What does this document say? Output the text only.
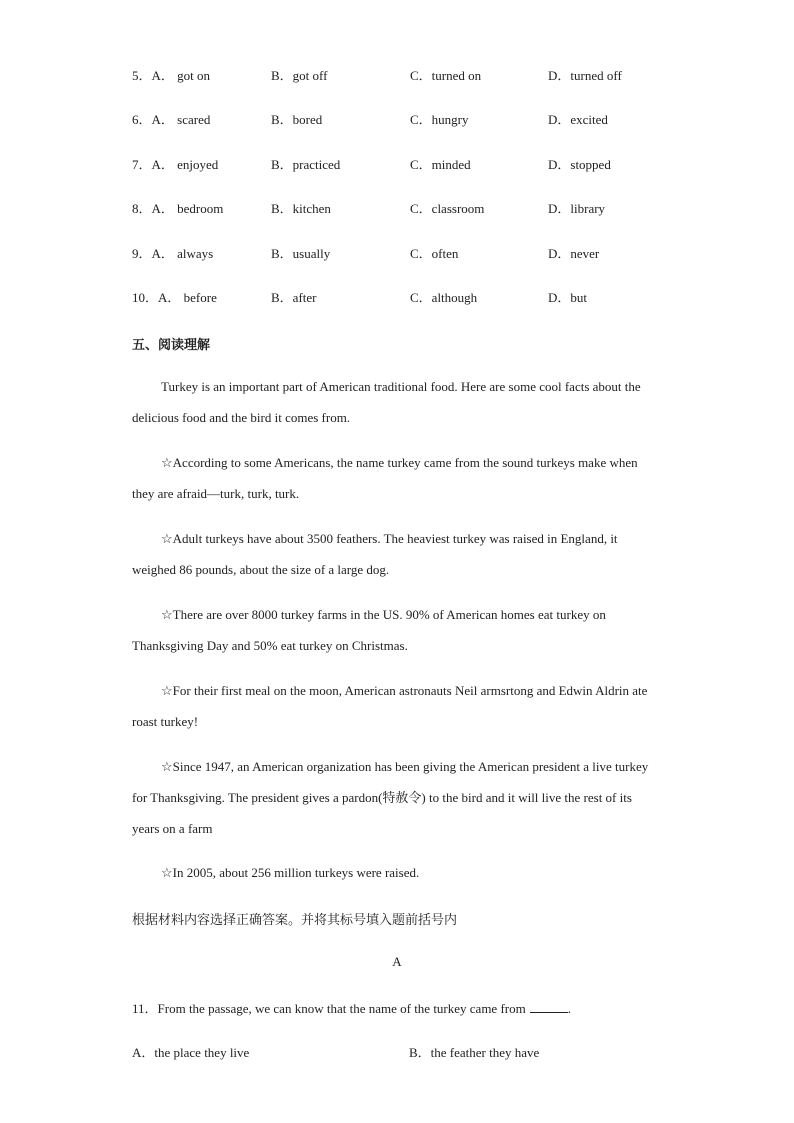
5．A． got on	B．got off	C．turned on	D．turned off
6．A． scared	B．bored	C．hungry	D．excited
7．A． enjoyed	B．practiced	C．minded	D．stopped
8．A． bedroom	B．kitchen	C．classroom	D．library
9．A． always	B．usually	C．often	D．never
10．A． before	B．after	C．although	D．but
五、阅读理解
Turkey is an important part of American traditional food. Here are some cool facts about the delicious food and the bird it comes from.
☆According to some Americans, the name turkey came from the sound turkeys make when they are afraid—turk, turk, turk.
☆Adult turkeys have about 3500 feathers. The heaviest turkey was raised in England, it weighed 86 pounds, about the size of a large dog.
☆There are over 8000 turkey farms in the US. 90% of American homes eat turkey on Thanksgiving Day and 50% eat turkey on Christmas.
☆For their first meal on the moon, American astronauts Neil armsrtong and Edwin Aldrin ate roast turkey!
☆Since 1947, an American organization has been giving the American president a live turkey for Thanksgiving. The president gives a pardon(特赦令) to the bird and it will live the rest of its years on a farm
☆In 2005, about 256 million turkeys were raised.
根据材料内容选择正确答案。并将其标号填入题前括号内
A
11．From the passage, we can know that the name of the turkey came from	.
A．the place they live	B．the feather they have
